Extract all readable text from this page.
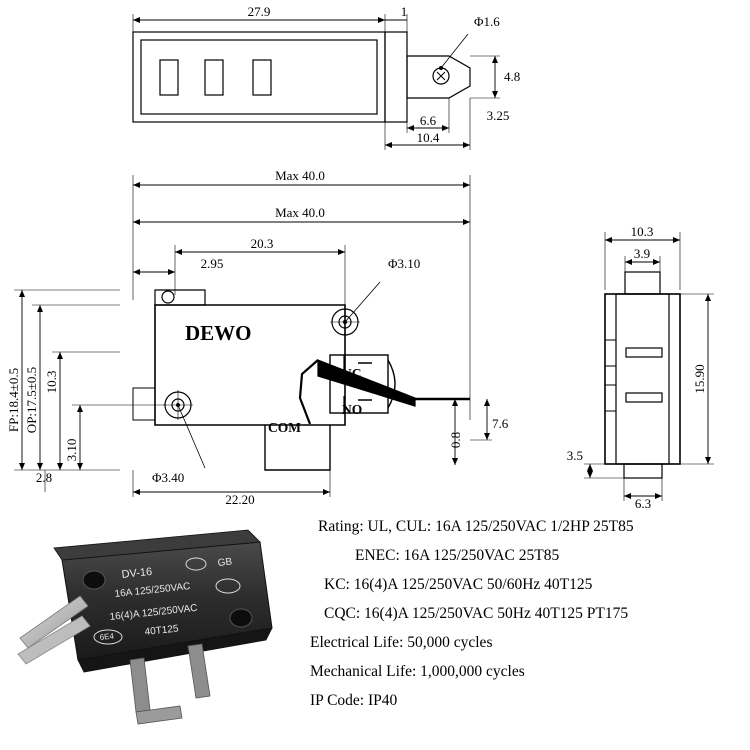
27.9	1
Φ1.6
4.8
6.6	3.25
10.4
Max 40.0
Max 40.0
20.3
2.95
DEWO
NC
NO
COM
Φ3.10
Φ3.40
FP:18.4±0.5 OP:17.5±0.5 10.3
3.10
2.8
22.20
0.8
7.6
10.3
3.9
15.90
3.5
6.3
DV-16
GB
16A 125/250VAC
16(4)A 125/250VAC
6E4	40T125
Rating: UL, CUL: 16A 125/250VAC 1/2HP 25T85
ENEC: 16A 125/250VAC 25T85
KC: 16(4)A 125/250VAC 50/60Hz 40T125
CQC: 16(4)A 125/250VAC 50Hz 40T125 PT175
Electrical Life: 50,000 cycles
Mechanical Life: 1,000,000 cycles
IP Code: IP40
